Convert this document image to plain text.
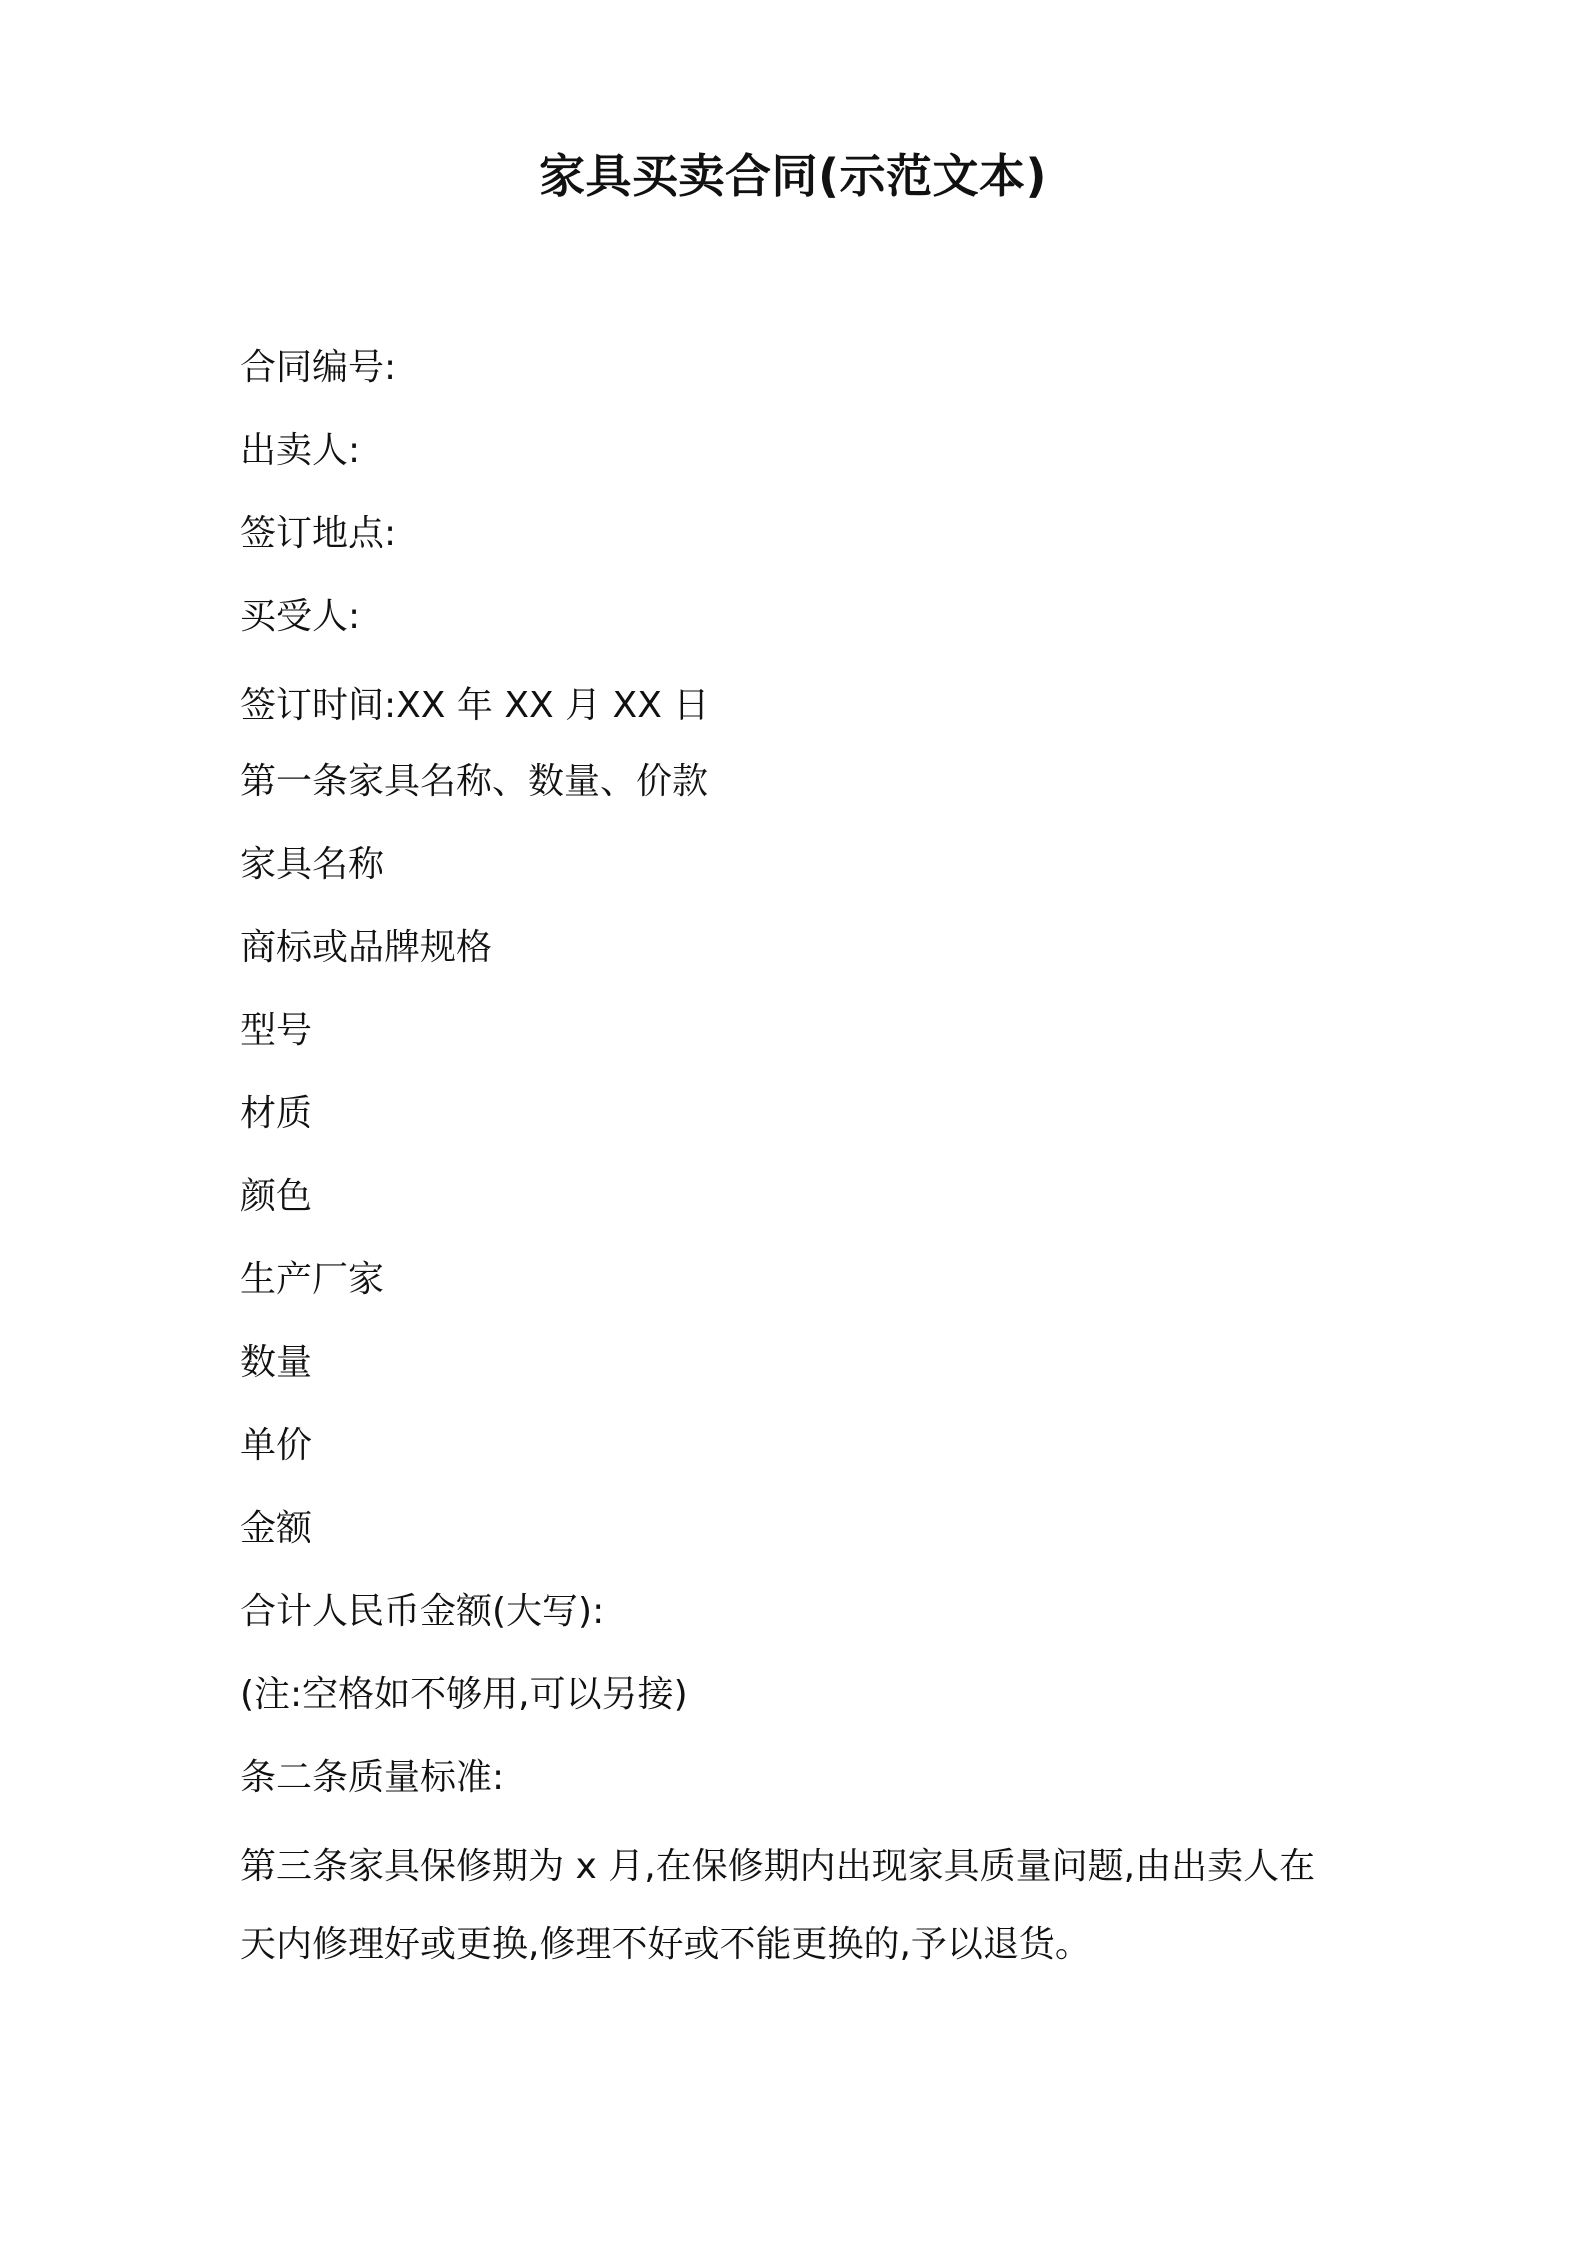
家具买卖合同(示范文本)

合同编号:

出卖人:

签订地点:

买受人:

签订时间:XX 年 XX 月 XX 日

第一条家具名称、数量、价款

家具名称

商标或品牌规格

型号

材质

颜色

生产厂家

数量

单价

金额

合计人民币金额(大写):

(注:空格如不够用,可以另接)

条二条质量标准:

第三条家具保修期为 x 月,在保修期内出现家具质量问题,由出卖人在

天内修理好或更换,修理不好或不能更换的,予以退货。
